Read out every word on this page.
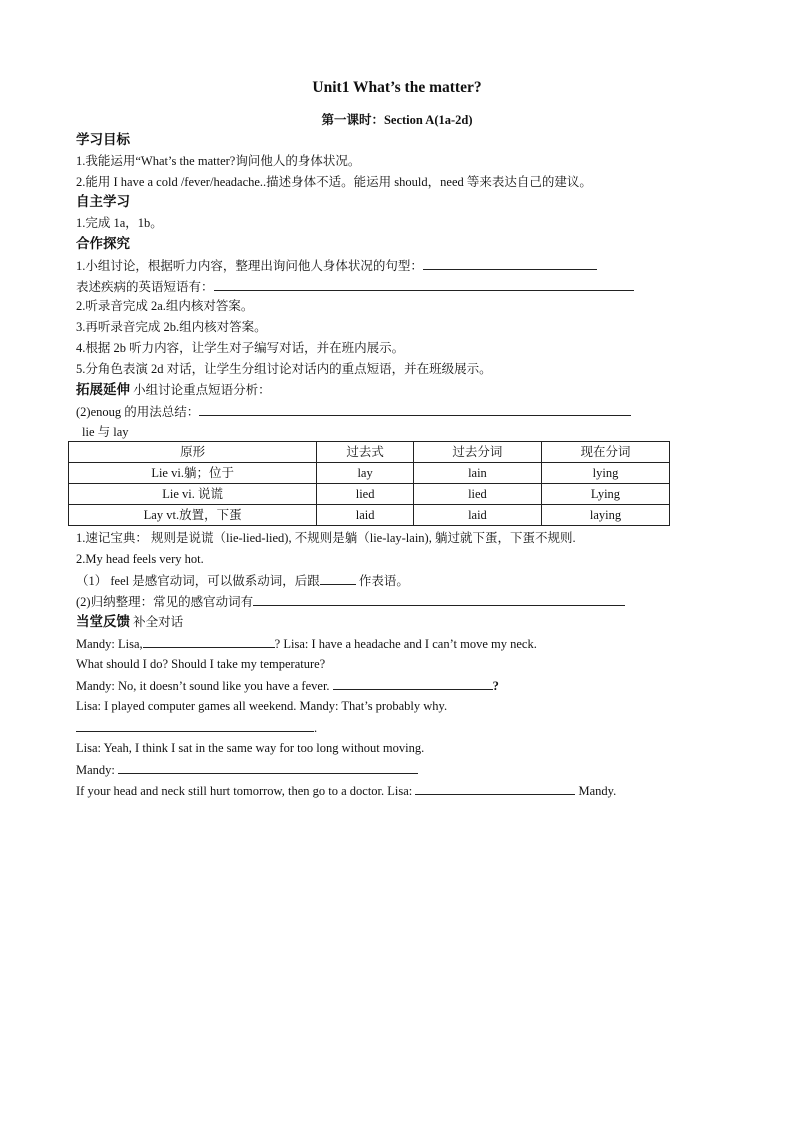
Unit1 What’s the matter?
第一课时：Section A(1a-2d)
学习目标
1.我能运用“What’s the matter?询问他人的身体状况。
2.能用 I have a cold /fever/headache..描述身体不适。能运用 should，need 等来表达自己的建议。
自主学习
1.完成 1a，1b。
合作探究
1.小组讨论，根据听力内容，整理出询问他人身体状况的句型：
表述疾病的英语短语有：
2.听录音完成 2a.组内核对答案。
3.再听录音完成 2b.组内核对答案。
4.根据 2b 听力内容，让学生对子编写对话，并在班内展示。
5.分角色表演 2d 对话，让学生分组讨论对话内的重点短语，并在班级展示。
拓展延伸 小组讨论重点短语分析：
(2)enoug 的用法总结：
lie 与 lay
原形	过去式	过去分词	现在分词
Lie vi.躺；位于	lay	lain	lying
Lie vi. 说谎	lied	lied	Lying
Lay vt.放置，下蛋	laid	laid	laying
1.速记宝典： 规则是说谎（lie-lied-lied), 不规则是躺（lie-lay-lain), 躺过就下蛋，下蛋不规则.
2.My head feels very hot.
（1） feel 是感官动词，可以做系动词，后跟	作表语。
(2)归纳整理：常见的感官动词有
当堂反馈 补全对话
Mandy: Lisa,	? Lisa: I have a headache and I can’t move my neck.
What should I do? Should I take my temperature?
Mandy: No, it doesn’t sound like you have a fever.	?
Lisa: I played computer games all weekend. Mandy: That’s probably why.
.
Lisa: Yeah, I think I sat in the same way for too long without moving.
Mandy:
If your head and neck still hurt tomorrow, then go to a doctor. Lisa:	Mandy.
